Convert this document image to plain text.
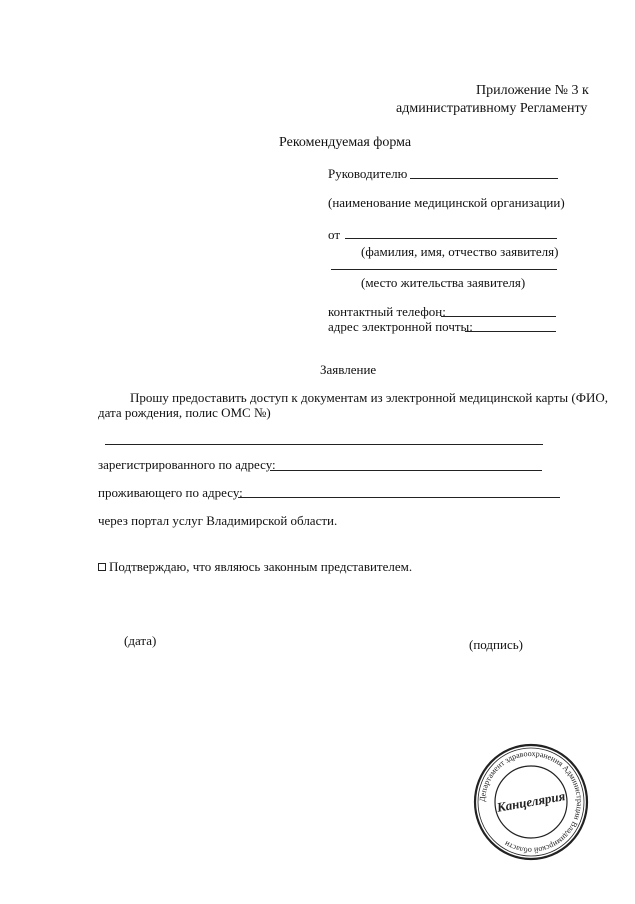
Приложение № 3 к
административному Регламенту
Рекомендуемая форма
Руководителю
(наименование медицинской организации)
от
(фамилия, имя, отчество заявителя)
(место жительства заявителя)
контактный телефон:
адрес электронной почты:
Заявление
Прошу предоставить доступ к документам из электронной медицинской карты (ФИО,
дата рождения, полис ОМС №)
зарегистрированного по адресу:
проживающего по адресу:
через портал услуг Владимирской области.
Подтверждаю, что являюсь законным представителем.
(дата)	(подпись)
Департамент здравоохранения Администрации Владимирской области
Канцелярия
